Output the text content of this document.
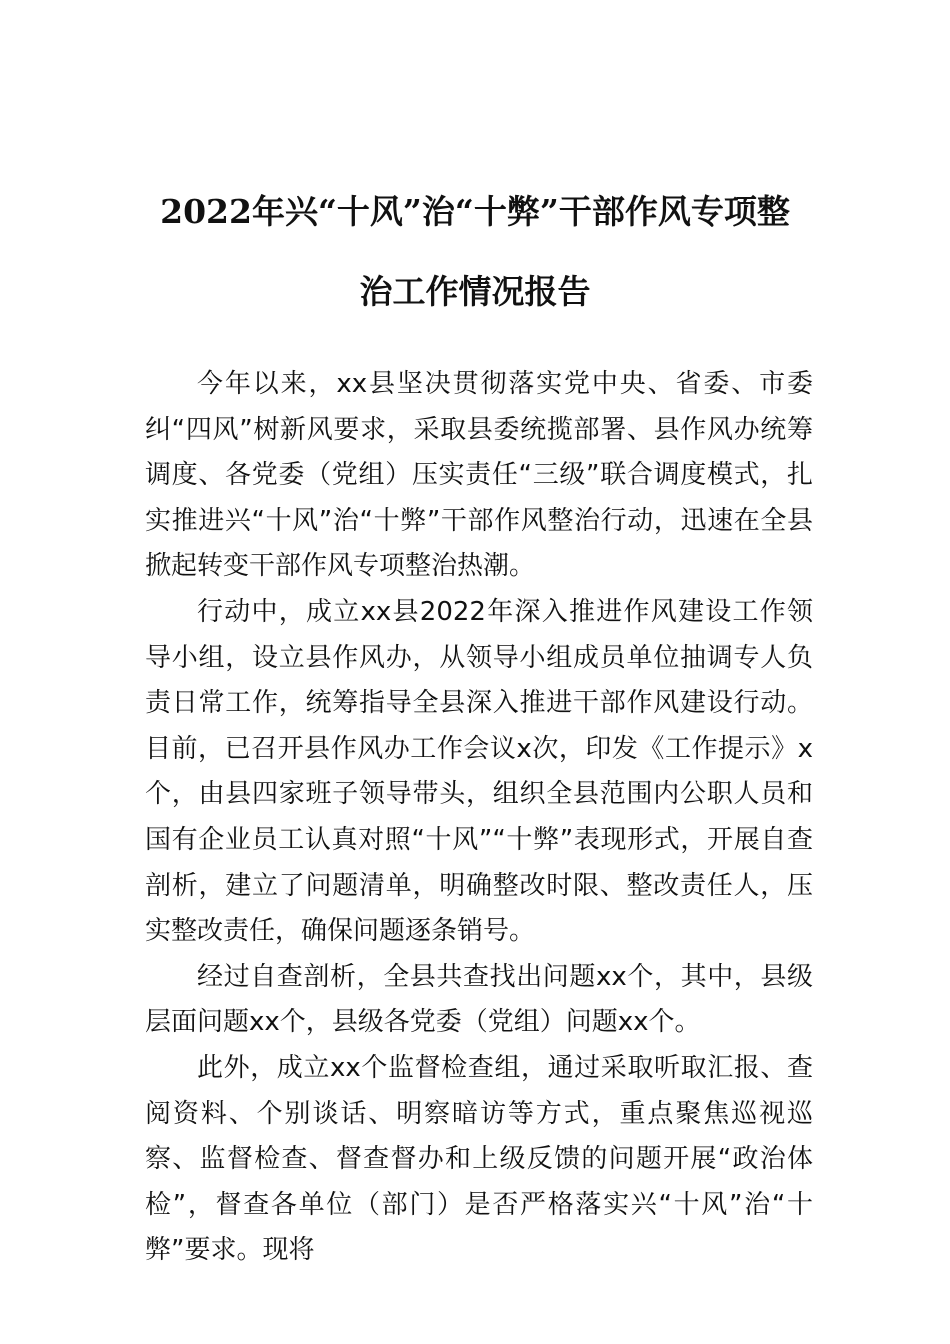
2022年兴“十风”治“十弊”干部作风专项整
治工作情况报告

今年以来，xx县坚决贯彻落实党中央、省委、市委纠“四风”树新风要求，采取县委统揽部署、县作风办统筹调度、各党委（党组）压实责任“三级”联合调度模式，扎实推进兴“十风”治“十弊”干部作风整治行动，迅速在全县掀起转变干部作风专项整治热潮。

行动中，成立xx县2022年深入推进作风建设工作领导小组，设立县作风办，从领导小组成员单位抽调专人负责日常工作，统筹指导全县深入推进干部作风建设行动。目前，已召开县作风办工作会议x次，印发《工作提示》x个，由县四家班子领导带头，组织全县范围内公职人员和国有企业员工认真对照“十风”“十弊”表现形式，开展自查剖析，建立了问题清单，明确整改时限、整改责任人，压实整改责任，确保问题逐条销号。

经过自查剖析，全县共查找出问题xx个，其中，县级层面问题xx个，县级各党委（党组）问题xx个。

此外，成立xx个监督检查组，通过采取听取汇报、查阅资料、个别谈话、明察暗访等方式，重点聚焦巡视巡察、监督检查、督查督办和上级反馈的问题开展“政治体检”，督查各单位（部门）是否严格落实兴“十风”治“十弊”要求。现将
